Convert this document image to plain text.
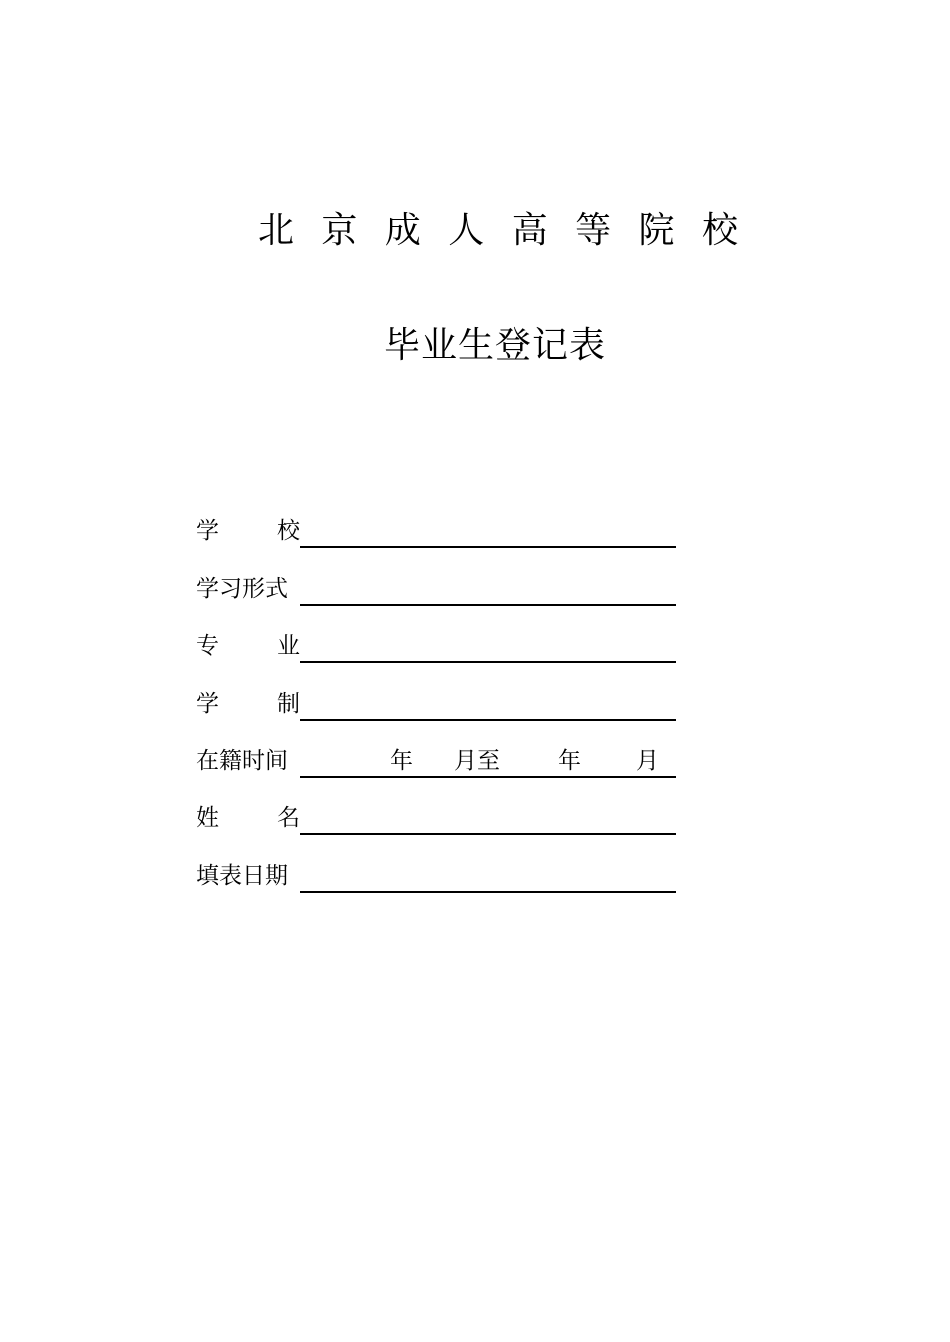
北 京 成 人 高 等 院 校
毕业生登记表
学	校
学习形式
专	业
学	制
在籍时间	年 月至	年 月
姓	名
填表日期
